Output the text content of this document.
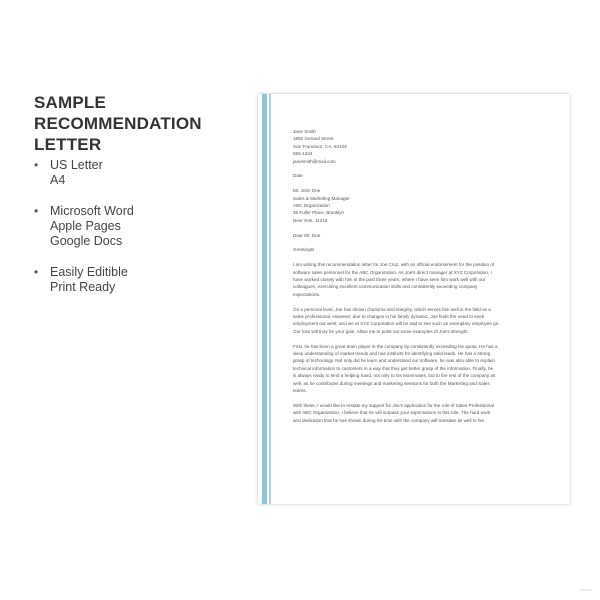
SAMPLE RECOMMENDATION
LETTER
• US Letter
A4
• Microsoft Word
Apple Pages
Google Docs
• Easily Editible
Print Ready
Jane Smith
1882 Gerand Street
San Francisco, CA, 94104
555-1234
janesmith@mail.com
Date
Mr. John Doe
Sales & Marketing Manager
ABC Organization
35 Fuller Place, Brooklyn
New York, 11215
Dear Mr. Doe
Greetings!
I am writing this recommendation letter for Joe Cruz, with an official endorsement for the position of
software sales personnel for the ABC Organization. As Joe's direct manager at XYZ Corporation, I
have worked closely with him in the past three years, where I have seen him work well with our
colleagues, exercising excellent communication skills and consistently exceeding company
expectations.
On a personal level, Joe has shown charisma and integrity, which serves him well in the field as a
sales professional. However, due to changes in his family dynamic, Joe finds the need to seek
employment out west, and we at XYZ Corporation will be sad to see such an exemplary employee go.
Our loss will truly be your gain. Allow me to point out some examples of Joe's strength.
First, he has been a great team player in the company by consistently exceeding his quota. He has a
deep understanding of market trends and has instincts for identifying solid leads. He has a strong
grasp of technology. Not only did he learn and understand our software, he was also able to explain
technical information to customers in a way that they get better grasp of the information. Finally, he
is always ready to lend a helping hand, not only to his teammates, but to the rest of the company as
well, as he contributes during meetings and marketing sessions for both the Marketing and Sales
teams.
With these, I would like to restate my support for Joe's application for the role of Sales Professional
with ABC Organization. I believe that he will surpass your expectations in this role. The hard work
and dedication that he has shown during his time with the company will translate as well to his.
Pexels
